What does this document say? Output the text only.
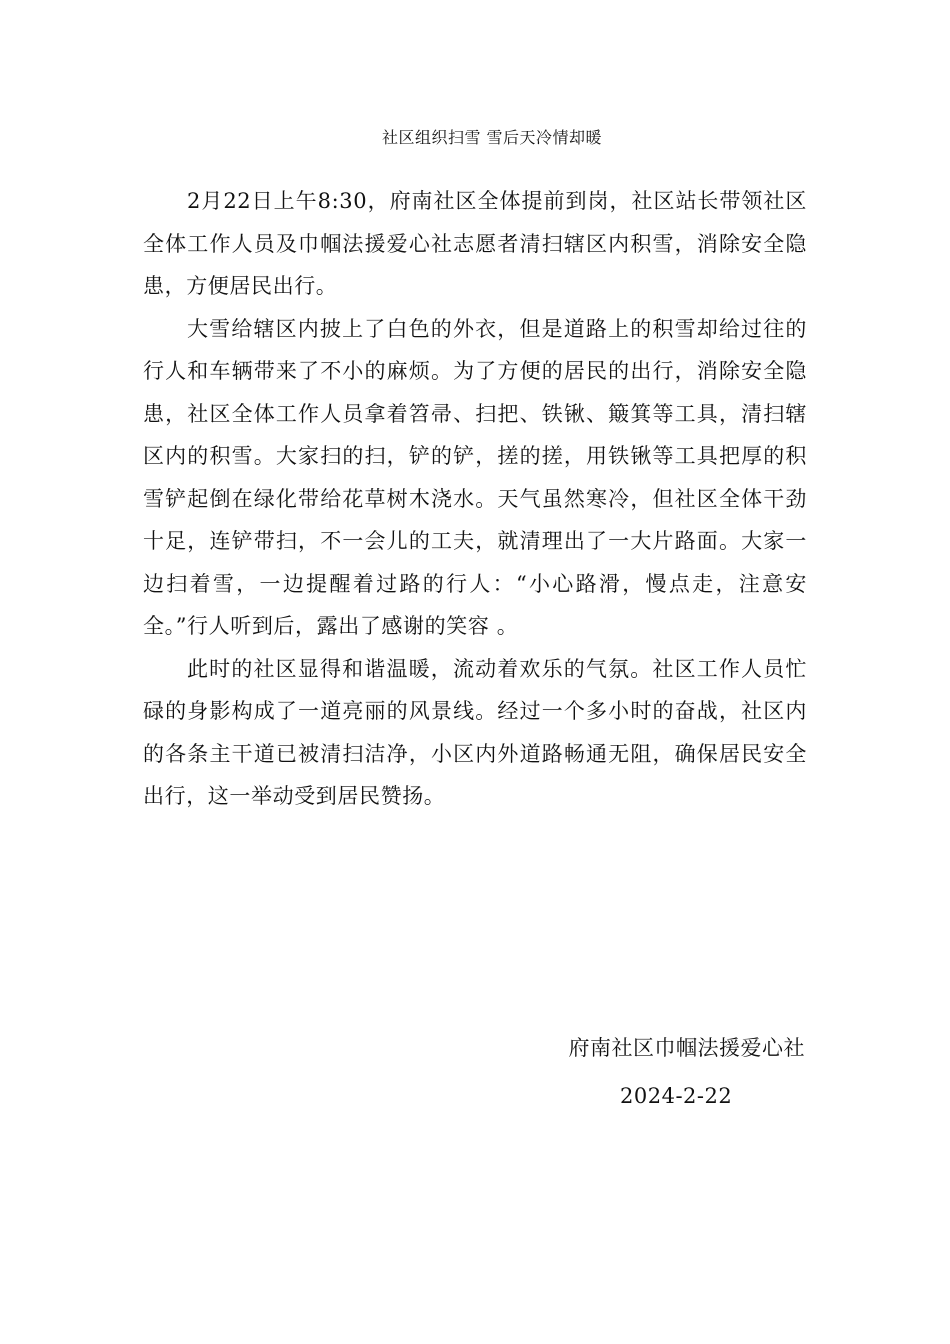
社区组织扫雪 雪后天冷情却暖

2月22日上午8:30，府南社区全体提前到岗，社区站长带领社区全体工作人员及巾帼法援爱心社志愿者清扫辖区内积雪，消除安全隐患，方便居民出行。

大雪给辖区内披上了白色的外衣，但是道路上的积雪却给过往的行人和车辆带来了不小的麻烦。为了方便的居民的出行，消除安全隐患，社区全体工作人员拿着笤帚、扫把、铁锹、簸箕等工具，清扫辖区内的积雪。大家扫的扫，铲的铲，搓的搓，用铁锹等工具把厚的积雪铲起倒在绿化带给花草树木浇水。天气虽然寒冷，但社区全体干劲十足，连铲带扫，不一会儿的工夫，就清理出了一大片路面。大家一边扫着雪，一边提醒着过路的行人：“小心路滑，慢点走，注意安全。”行人听到后，露出了感谢的笑容 。

此时的社区显得和谐温暖，流动着欢乐的气氛。社区工作人员忙碌的身影构成了一道亮丽的风景线。经过一个多小时的奋战，社区内的各条主干道已被清扫洁净，小区内外道路畅通无阻，确保居民安全出行，这一举动受到居民赞扬。

府南社区巾帼法援爱心社
2024-2-22
